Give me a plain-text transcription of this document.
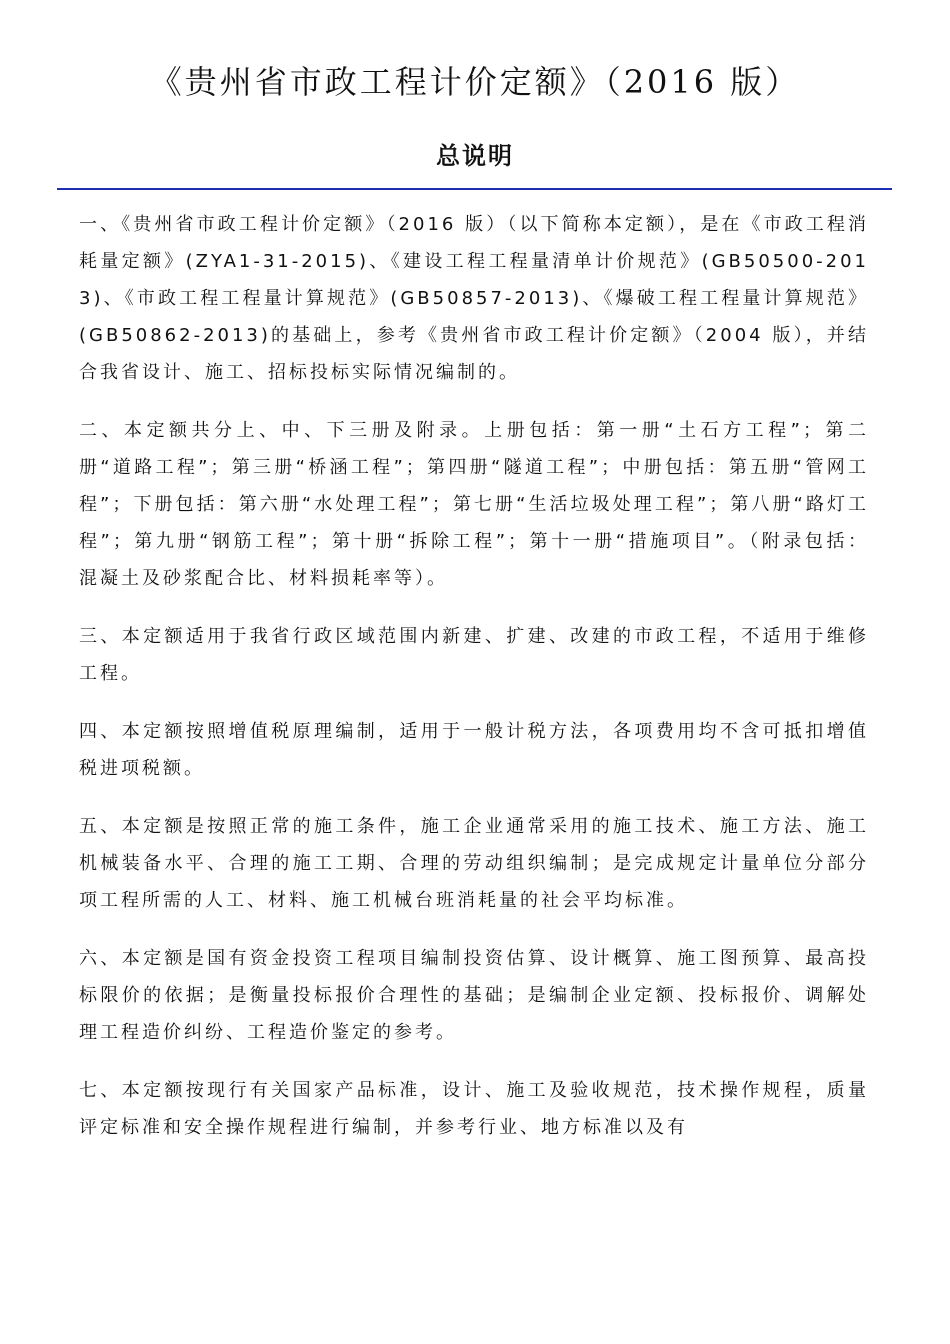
《贵州省市政工程计价定额》（2016 版）
总说明

一、《贵州省市政工程计价定额》（2016 版）（以下简称本定额），是在《市政工程消耗量定额》(ZYA1-31-2015)、《建设工程工程量清单计价规范》(GB50500-2013)、《市政工程工程量计算规范》(GB50857-2013)、《爆破工程工程量计算规范》(GB50862-2013)的基础上，参考《贵州省市政工程计价定额》（2004 版），并结合我省设计、施工、招标投标实际情况编制的。

二、本定额共分上、中、下三册及附录。上册包括：第一册“土石方工程”；第二册“道路工程”；第三册“桥涵工程”；第四册“隧道工程”；中册包括：第五册“管网工程”；下册包括：第六册“水处理工程”；第七册“生活垃圾处理工程”；第八册“路灯工程”；第九册“钢筋工程”；第十册“拆除工程”；第十一册“措施项目”。（附录包括：混凝土及砂浆配合比、材料损耗率等）。

三、本定额适用于我省行政区域范围内新建、扩建、改建的市政工程，不适用于维修工程。

四、本定额按照增值税原理编制，适用于一般计税方法，各项费用均不含可抵扣增值税进项税额。

五、本定额是按照正常的施工条件，施工企业通常采用的施工技术、施工方法、施工机械装备水平、合理的施工工期、合理的劳动组织编制；是完成规定计量单位分部分项工程所需的人工、材料、施工机械台班消耗量的社会平均标准。

六、本定额是国有资金投资工程项目编制投资估算、设计概算、施工图预算、最高投标限价的依据；是衡量投标报价合理性的基础；是编制企业定额、投标报价、调解处理工程造价纠纷、工程造价鉴定的参考。

七、本定额按现行有关国家产品标准，设计、施工及验收规范，技术操作规程，质量评定标准和安全操作规程进行编制，并参考行业、地方标准以及有
